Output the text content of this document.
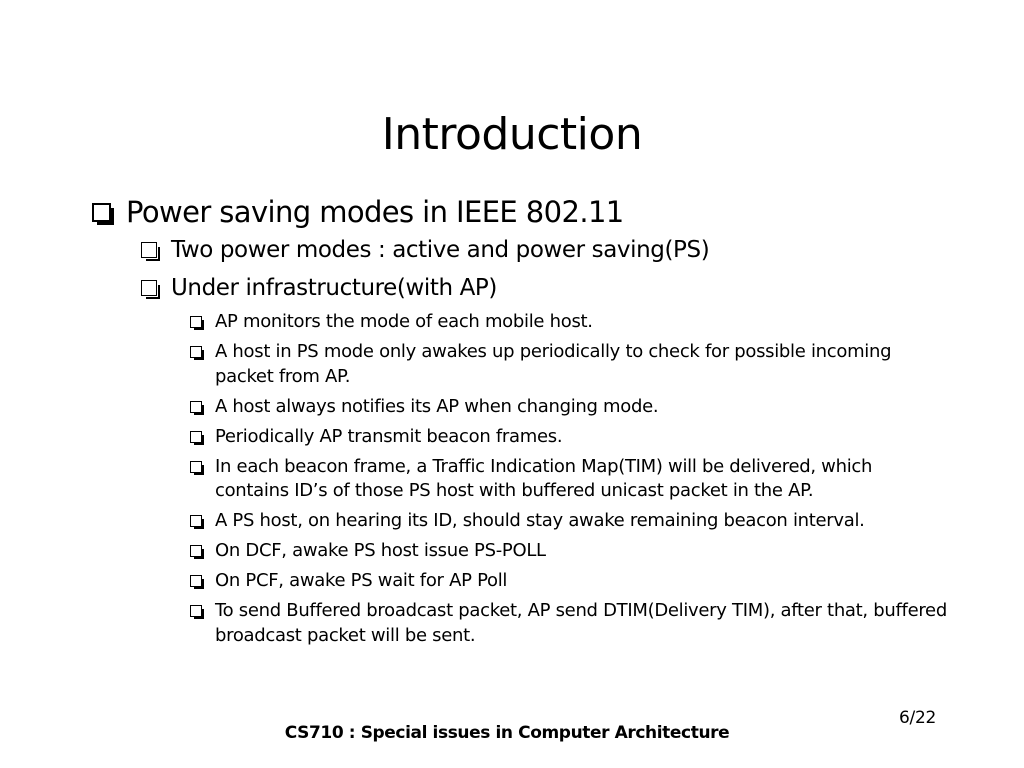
Introduction
Power saving modes in IEEE 802.11
Two power modes : active and power saving(PS)
Under infrastructure(with AP)
AP monitors the mode of each mobile host.
A host in PS mode only awakes up periodically to check for possible incoming packet from AP.
A host always notifies its AP when changing mode.
Periodically AP transmit beacon frames.
In each beacon frame, a Traffic Indication Map(TIM) will be delivered, which contains ID’s of those PS host with buffered unicast packet in the AP.
A PS host, on hearing its ID, should stay awake remaining beacon interval.
On DCF, awake PS host issue PS-POLL
On PCF, awake PS wait for AP Poll
To send Buffered broadcast packet, AP send DTIM(Delivery TIM), after that, buffered broadcast packet will be sent.
6/22
CS710 : Special issues in Computer Architecture
